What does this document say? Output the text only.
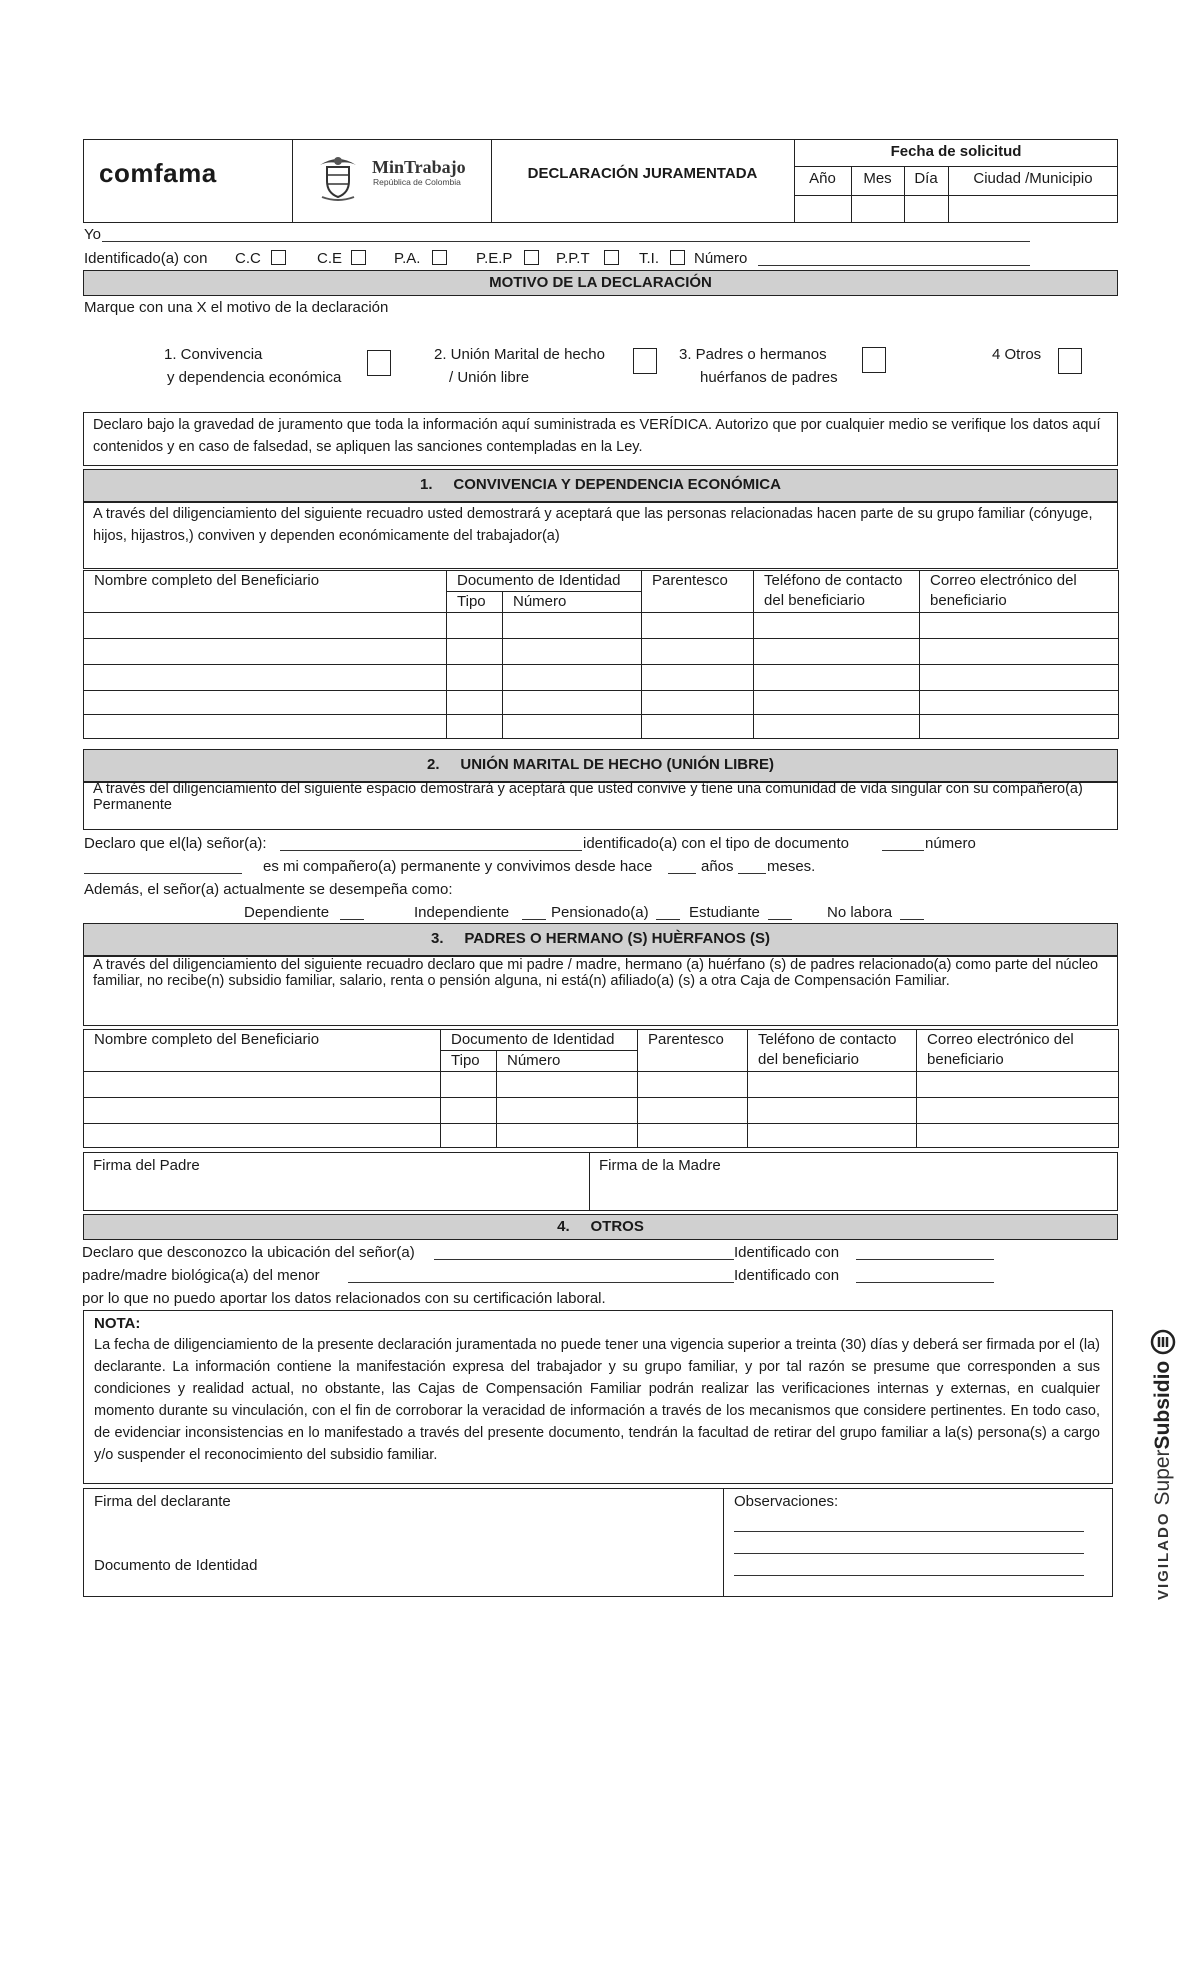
comfama	MinTrabajo
República de Colombia	DECLARACIÓN JURAMENTADA
Fecha de solicitud
Año	Mes	Día	Ciudad /Municipio
Yo
Identificado(a) con C.C	C.E	P.A.	P.E.P	P.P.T	T.I. Número
MOTIVO DE LA DECLARACIÓN
Marque con una X el motivo de la declaración
1. Convivencia
y dependencia económica
2. Unión Marital de hecho
/ Unión libre
3. Padres o hermanos
huérfanos de padres
4 Otros
Declaro bajo la gravedad de juramento que toda la información aquí suministrada es VERÍDICA. Autorizo que por cualquier medio se verifique los datos aquí contenidos y en caso de falsedad, se apliquen las sanciones contempladas en la Ley.
1. CONVIVENCIA Y DEPENDENCIA ECONÓMICA
A través del diligenciamiento del siguiente recuadro usted demostrará y aceptará que las personas relacionadas hacen parte de su grupo familiar (cónyuge, hijos, hijastros,) conviven y dependen económicamente del trabajador(a)
Nombre completo del Beneficiario	Documento de Identidad		Parentesco	Teléfono de contacto del beneficiario	Correo electrónico del beneficiario
	Tipo	Número			

2. UNIÓN MARITAL DE HECHO (UNIÓN LIBRE)
A través del diligenciamiento del siguiente espacio demostrará y aceptará que usted convive y tiene una comunidad de vida singular con su compañero(a) Permanente
Declaro que el(la) señor(a):	identificado(a) con el tipo de documento	número
es mi compañero(a) permanente y convivimos desde hace	años meses.
Además, el señor(a) actualmente se desempeña como:
Dependiente	Independiente	Pensionado(a)	Estudiante	No labora
3. PADRES O HERMANO (S) HUÈRFANOS (S)
A través del diligenciamiento del siguiente recuadro declaro que mi padre / madre, hermano (a) huérfano (s) de padres relacionado(a) como parte del núcleo familiar, no recibe(n) subsidio familiar, salario, renta o pensión alguna, ni está(n) afiliado(a) (s) a otra Caja de Compensación Familiar.
Nombre completo del Beneficiario	Documento de Identidad		Parentesco	Teléfono de contacto del beneficiario	Correo electrónico del beneficiario
	Tipo	Número			

Firma del Padre	Firma de la Madre
4. OTROS
Declaro que desconozco la ubicación del señor(a)	Identificado con
padre/madre biológica(a) del menor	Identificado con
por lo que no puedo aportar los datos relacionados con su certificación laboral.
NOTA:
La fecha de diligenciamiento de la presente declaración juramentada no puede tener una vigencia superior a treinta (30) días y deberá ser firmada por el (la) declarante. La información contiene la manifestación expresa del trabajador y su grupo familiar, y por tal razón se presume que corresponden a sus condiciones y realidad actual, no obstante, las Cajas de Compensación Familiar podrán realizar las verificaciones internas y externas, en cualquier momento durante su vinculación, con el fin de corroborar la veracidad de información a través de los mecanismos que considere pertinentes. En todo caso, de evidenciar inconsistencias en lo manifestado a través del presente documento, tendrán la facultad de retirar del grupo familiar a la(s) persona(s) a cargo y/o suspender el reconocimiento del subsidio familiar.
Firma del declarante
Documento de Identidad
Observaciones:
VIGILADO
Super
Subsidio
